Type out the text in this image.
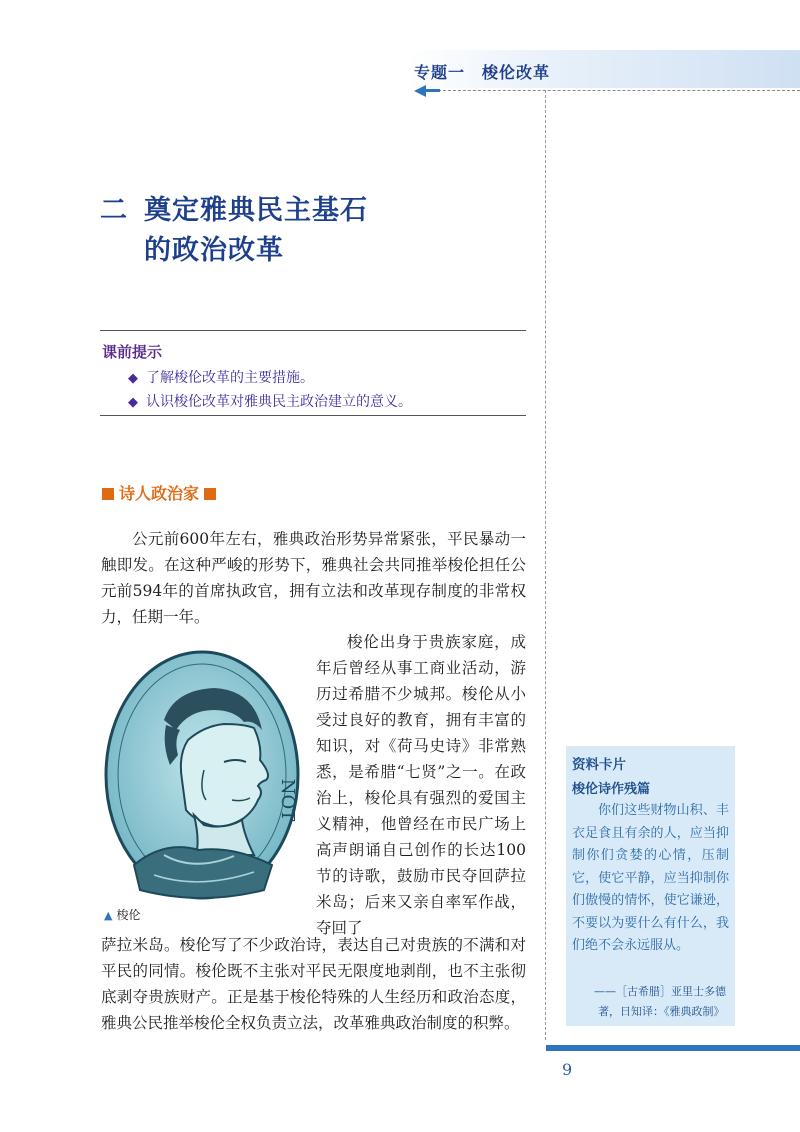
专题一　梭伦改革
二 奠定雅典民主基石
的政治改革
课前提示
◆ 了解梭伦改革的主要措施。
◆ 认识梭伦改革对雅典民主政治建立的意义。
诗人政治家
公元前600年左右，雅典政治形势异常紧张，平民暴动一触即发。在这种严峻的形势下，雅典社会共同推举梭伦担任公元前594年的首席执政官，拥有立法和改革现存制度的非常权力，任期一年。
梭伦出身于贵族家庭，成年后曾经从事工商业活动，游历过希腊不少城邦。梭伦从小受过良好的教育，拥有丰富的知识，对《荷马史诗》非常熟悉，是希腊“七贤”之一。在政治上，梭伦具有强烈的爱国主义精神，他曾经在市民广场上高声朗诵自己创作的长达100节的诗歌，鼓励市民夺回萨拉米岛；后来又亲自率军作战，夺回了
NOT
▲ 梭伦
萨拉米岛。梭伦写了不少政治诗，表达自己对贵族的不满和对平民的同情。梭伦既不主张对平民无限度地剥削，也不主张彻底剥夺贵族财产。正是基于梭伦特殊的人生经历和政治态度，雅典公民推举梭伦全权负责立法，改革雅典政治制度的积弊。
资料卡片
梭伦诗作残篇
你们这些财物山积、丰衣足食且有余的人，应当抑制你们贪婪的心情，压制它，使它平静，应当抑制你们傲慢的情怀，使它谦逊，不要以为要什么有什么，我们绝不会永远服从。
——［古希腊］亚里士多德
著，日知译：《雅典政制》
9
